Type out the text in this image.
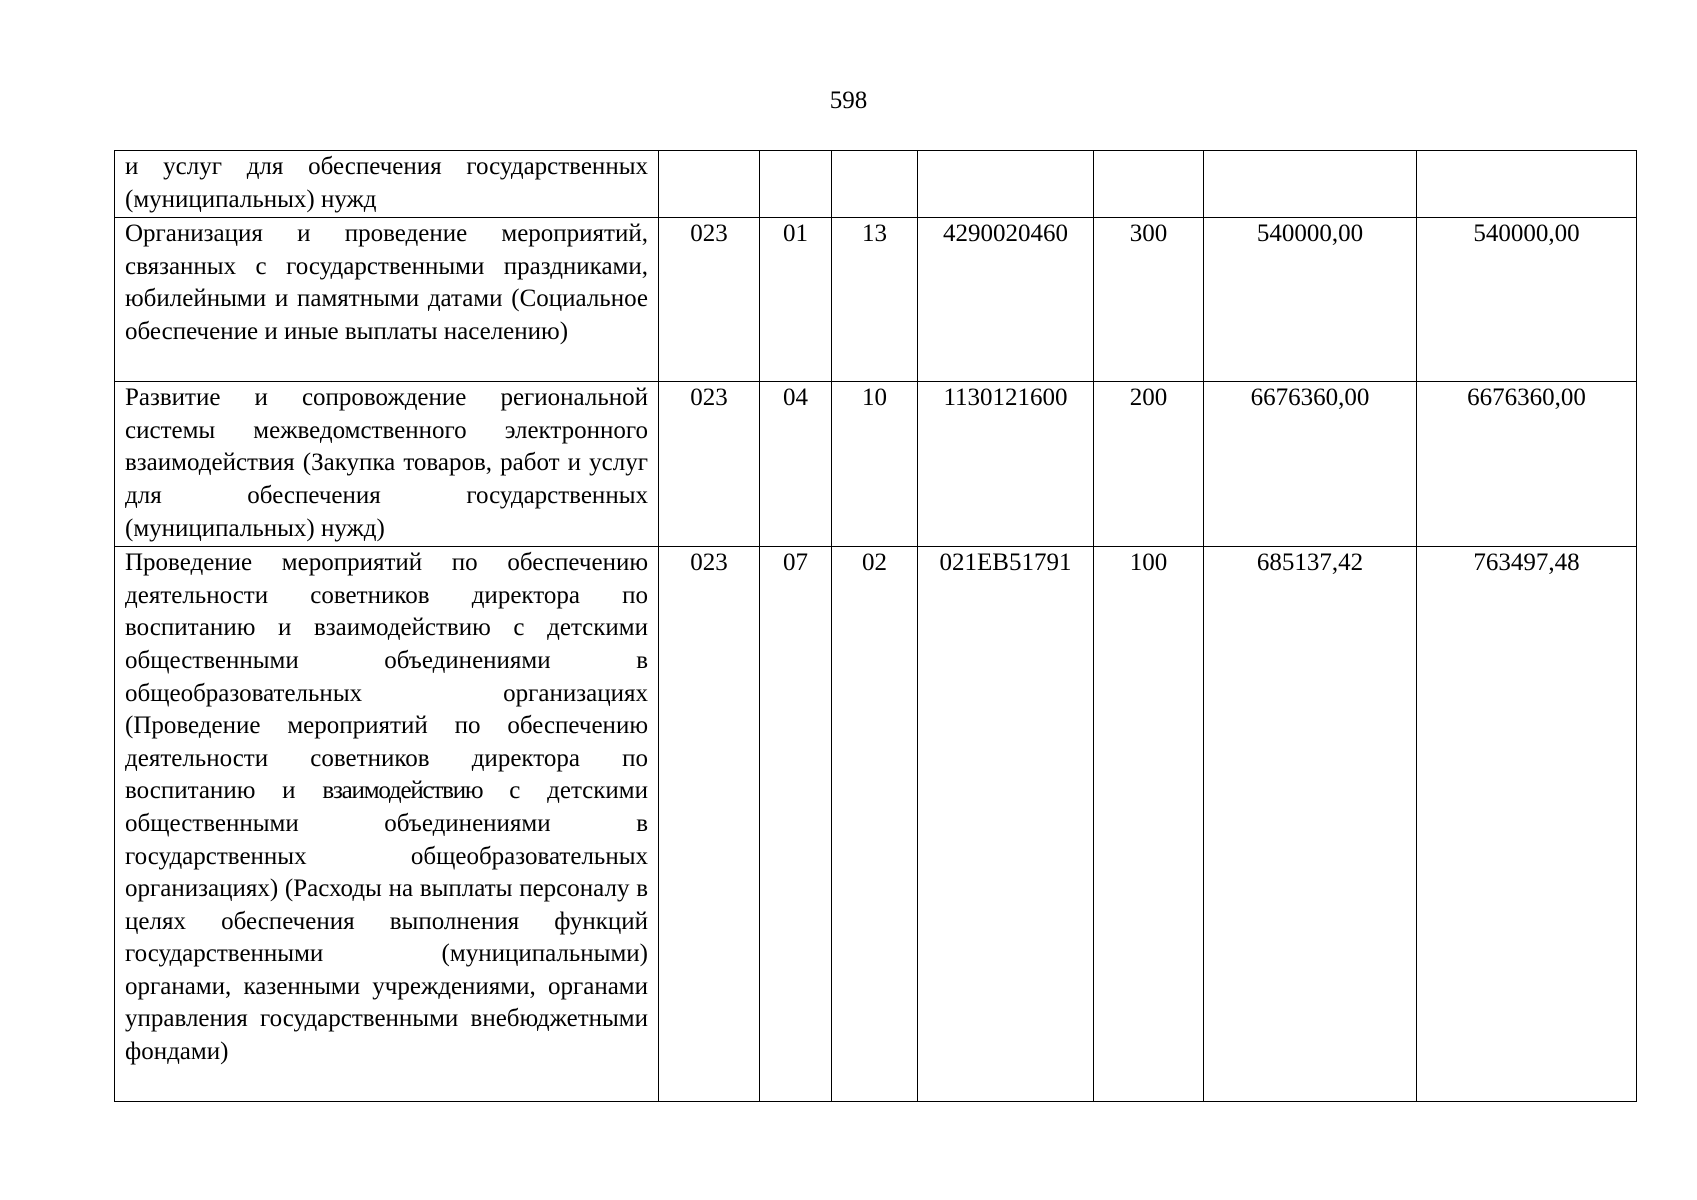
598
и услуг для обеспечения государственных (муниципальных) нужд							
Организация и проведение мероприятий, связанных с государственными праздниками, юбилейными и памятными датами (Социальное обеспечение и иные выплаты населению)	023	01	13	4290020460	300	540000,00	540000,00
Развитие и сопровождение региональной системы межведомственного электронного взаимодействия (Закупка товаров, работ и услуг для обеспечения государственных (муниципальных) нужд)	023	04	10	1130121600	200	6676360,00	6676360,00
Проведение мероприятий по обеспечению деятельности советников директора по воспитанию и взаимодействию с детскими общественными объединениями в общеобразовательных организациях (Проведение мероприятий по обеспечению деятельности советников директора по воспитанию и взаимодействию с детскими общественными объединениями в государственных общеобразовательных организациях) (Расходы на выплаты персоналу в целях обеспечения выполнения функций государственными (муниципальными) органами, казенными учреждениями, органами управления государственными внебюджетными фондами)	023	07	02	021EВ51791	100	685137,42	763497,48
